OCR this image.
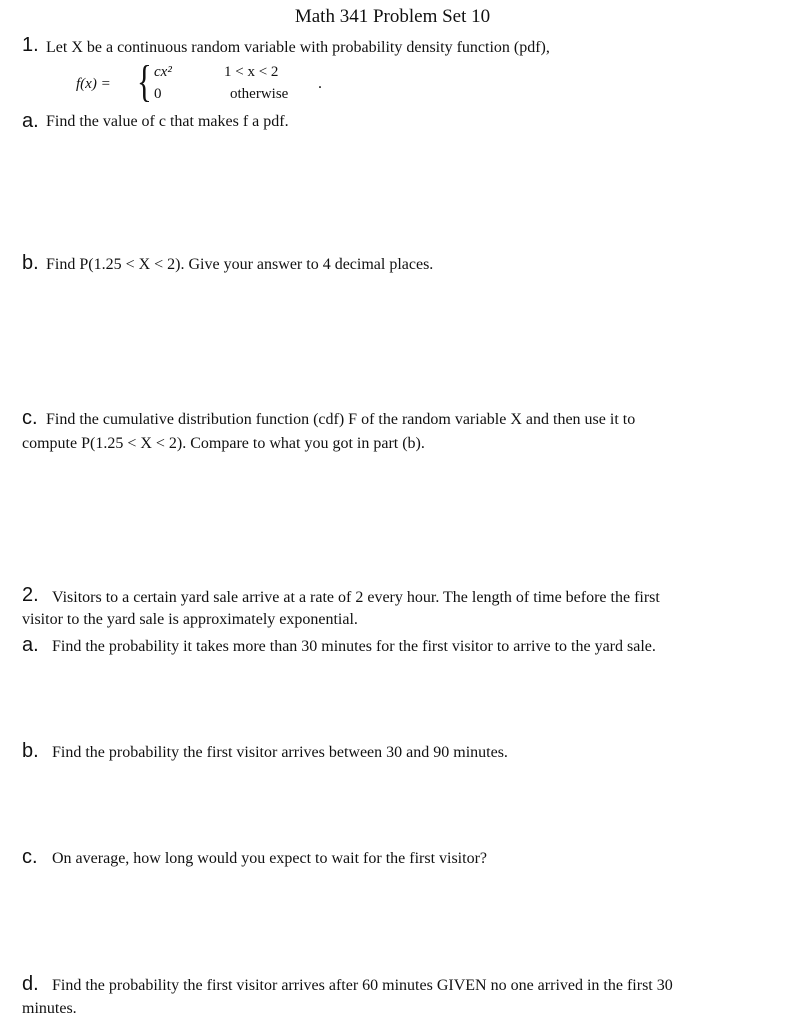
Math 341 Problem Set 10
1. Let X be a continuous random variable with probability density function (pdf),
f(x) = { cx²	1 < x < 2
0	otherwise
.
a. Find the value of c that makes f a pdf.
b. Find P(1.25 < X < 2). Give your answer to 4 decimal places.
c. Find the cumulative distribution function (cdf) F of the random variable X and then use it to
compute P(1.25 < X < 2). Compare to what you got in part (b).
2. Visitors to a certain yard sale arrive at a rate of 2 every hour. The length of time before the first
visitor to the yard sale is approximately exponential.
a. Find the probability it takes more than 30 minutes for the first visitor to arrive to the yard sale.
b. Find the probability the first visitor arrives between 30 and 90 minutes.
c. On average, how long would you expect to wait for the first visitor?
d. Find the probability the first visitor arrives after 60 minutes GIVEN no one arrived in the first 30
minutes.
